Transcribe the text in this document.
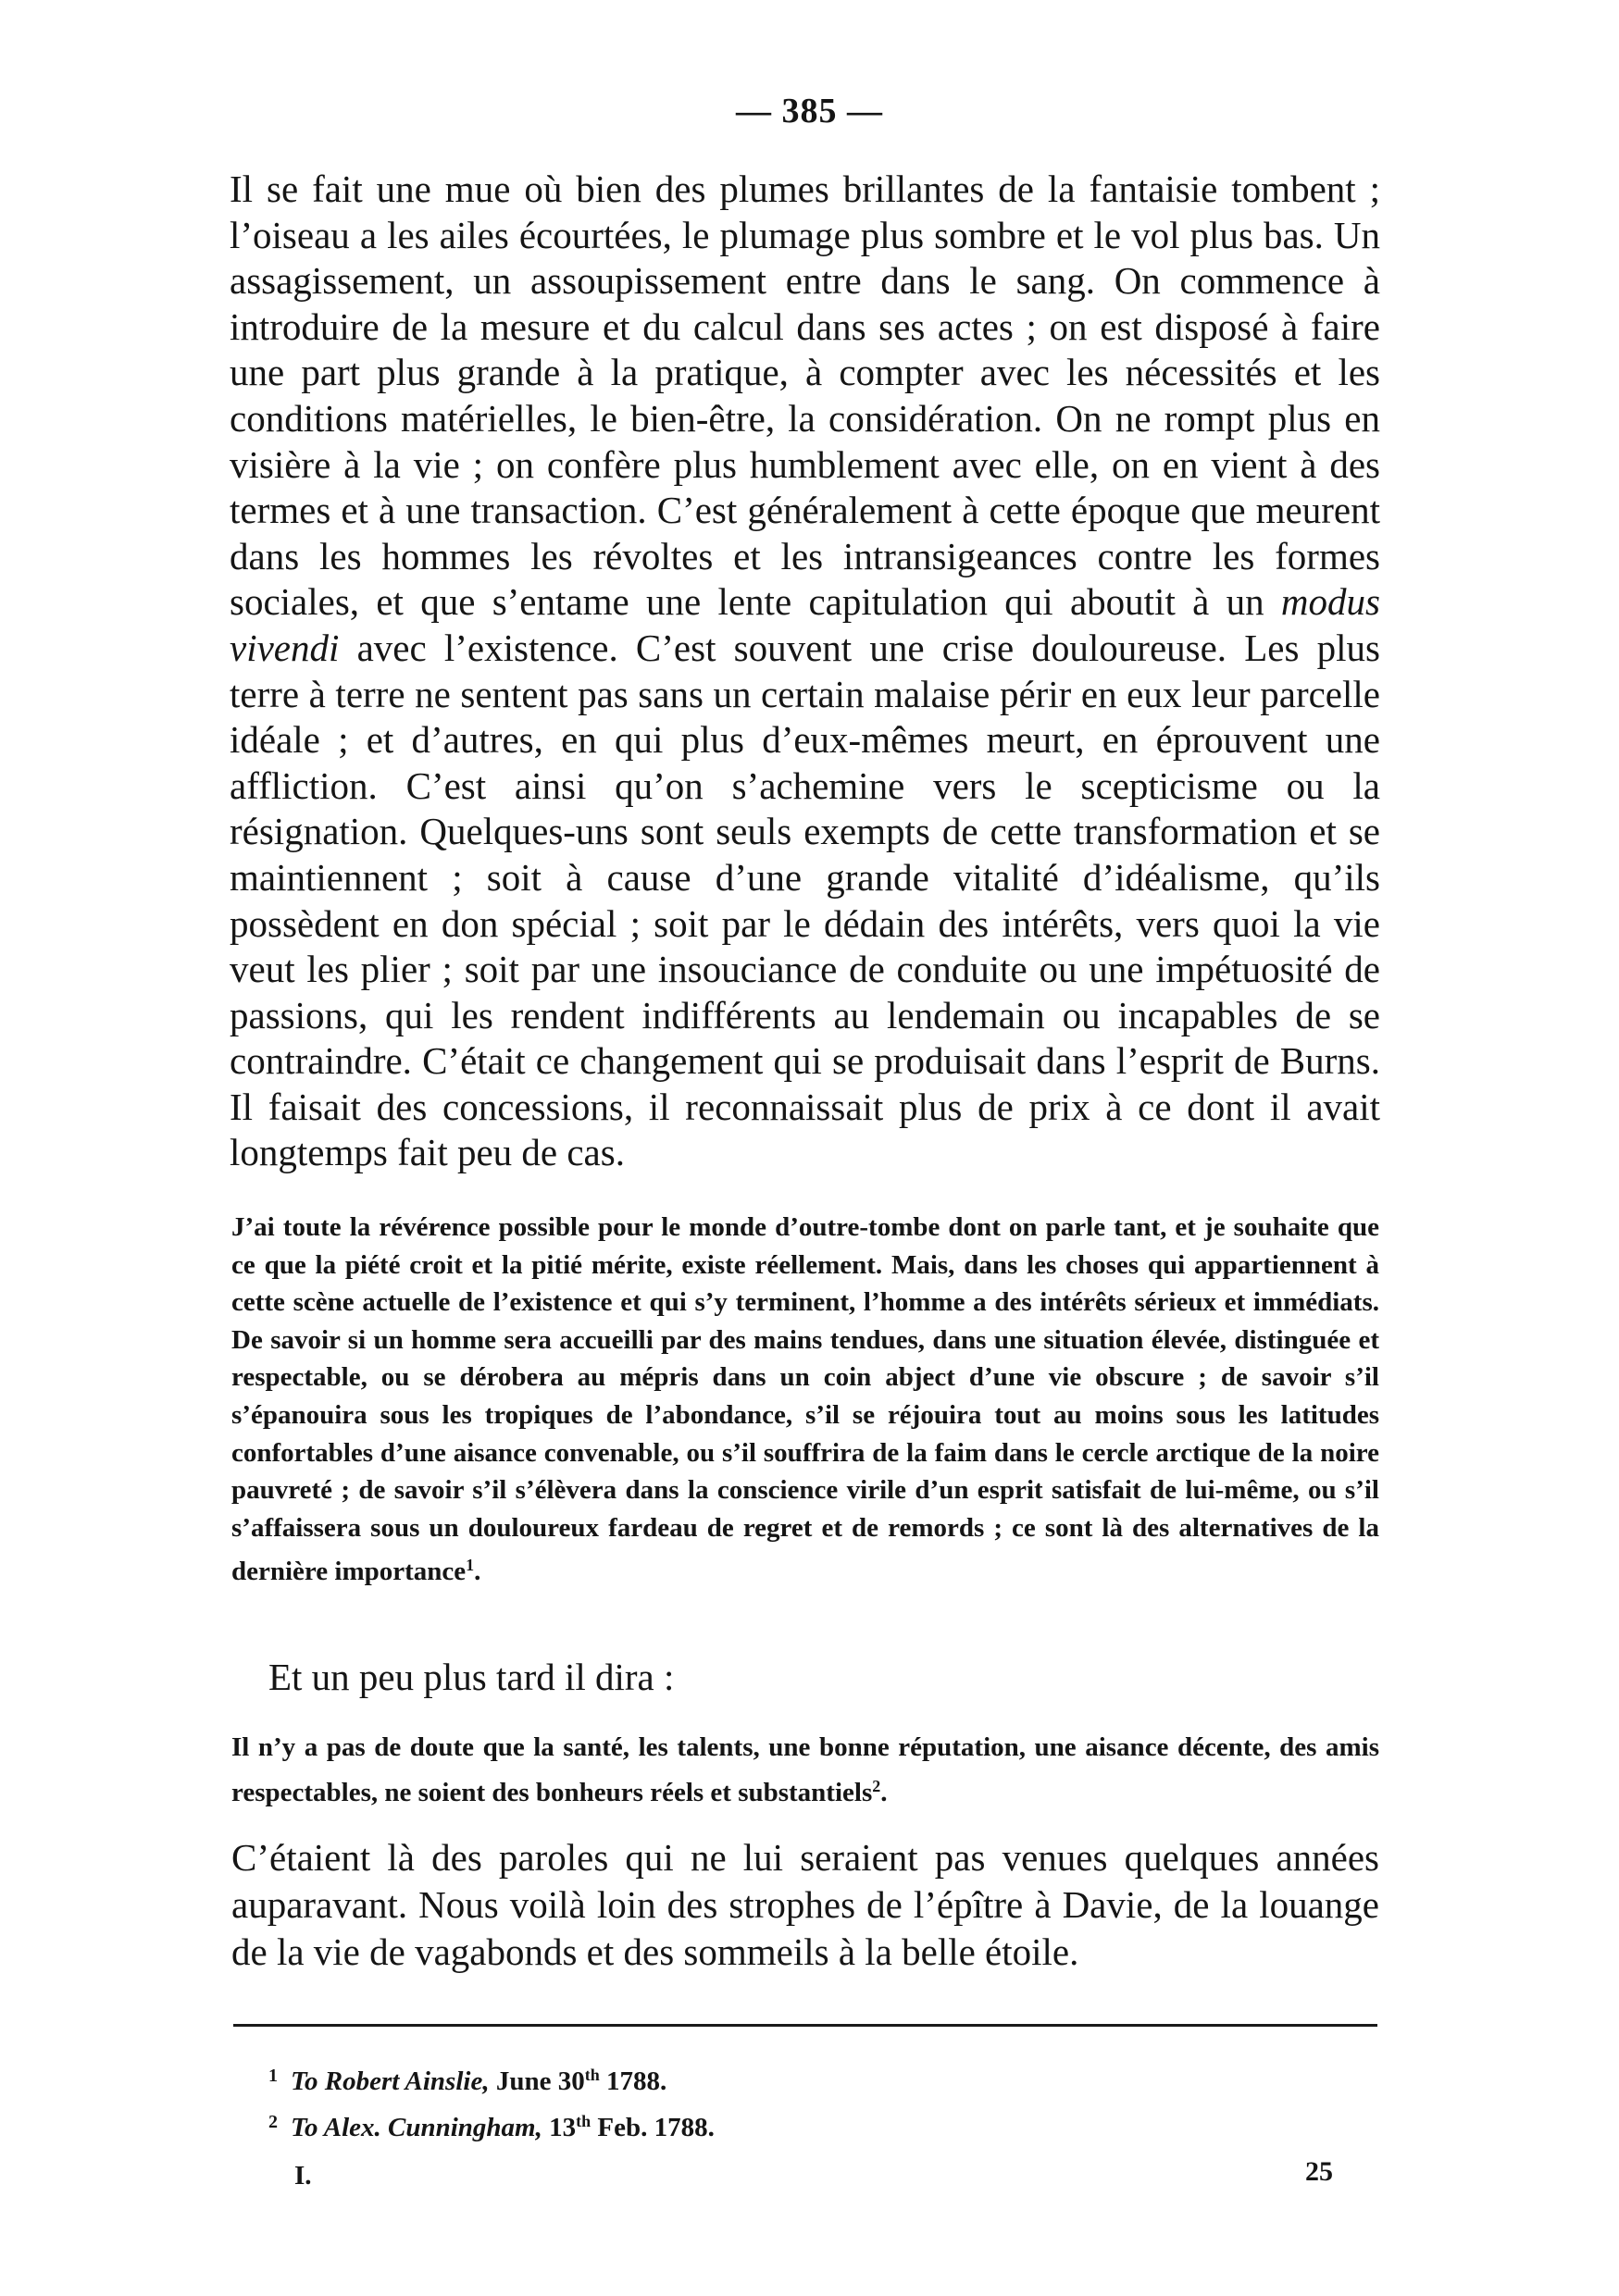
— 385 —

Il se fait une mue où bien des plumes brillantes de la fantaisie tombent ; l’oiseau a les ailes écourtées, le plumage plus sombre et le vol plus bas. Un assagissement, un assoupissement entre dans le sang. On commence à introduire de la mesure et du calcul dans ses actes ; on est disposé à faire une part plus grande à la pratique, à compter avec les nécessités et les conditions matérielles, le bien-être, la considération. On ne rompt plus en visière à la vie ; on confère plus humblement avec elle, on en vient à des termes et à une transaction. C’est généralement à cette époque que meurent dans les hommes les révoltes et les intransigeances contre les formes sociales, et que s’entame une lente capitulation qui aboutit à un modus vivendi avec l’existence. C’est souvent une crise douloureuse. Les plus terre à terre ne sentent pas sans un certain malaise périr en eux leur parcelle idéale ; et d’autres, en qui plus d’eux-mêmes meurt, en éprouvent une affliction. C’est ainsi qu’on s’achemine vers le scepticisme ou la résignation. Quelques-uns sont seuls exempts de cette transformation et se maintiennent ; soit à cause d’une grande vitalité d’idéalisme, qu’ils possèdent en don spécial ; soit par le dédain des intérêts, vers quoi la vie veut les plier ; soit par une insouciance de conduite ou une impétuosité de passions, qui les rendent indifférents au lendemain ou incapables de se contraindre. C’était ce changement qui se produisait dans l’esprit de Burns. Il faisait des concessions, il reconnaissait plus de prix à ce dont il avait longtemps fait peu de cas.

J’ai toute la révérence possible pour le monde d’outre-tombe dont on parle tant, et je souhaite que ce que la piété croit et la pitié mérite, existe réellement. Mais, dans les choses qui appartiennent à cette scène actuelle de l’existence et qui s’y terminent, l’homme a des intérêts sérieux et immédiats. De savoir si un homme sera accueilli par des mains tendues, dans une situation élevée, distinguée et respectable, ou se dérobera au mépris dans un coin abject d’une vie obscure ; de savoir s’il s’épanouira sous les tropiques de l’abondance, s’il se réjouira tout au moins sous les latitudes confortables d’une aisance convenable, ou s’il souffrira de la faim dans le cercle arctique de la noire pauvreté ; de savoir s’il s’élèvera dans la conscience virile d’un esprit satisfait de lui-même, ou s’il s’affaissera sous un douloureux fardeau de regret et de remords ; ce sont là des alternatives de la dernière importance$^1$.

Et un peu plus tard il dira :

Il n’y a pas de doute que la santé, les talents, une bonne réputation, une aisance décente, des amis respectables, ne soient des bonheurs réels et substantiels$^2$.

C’étaient là des paroles qui ne lui seraient pas venues quelques années auparavant. Nous voilà loin des strophes de l’épître à Davie, de la louange de la vie de vagabonds et des sommeils à la belle étoile.

$^1$ To Robert Ainslie, June 30th 1788.

$^2$ To Alex. Cunningham, 13th Feb. 1788.

I.	25
